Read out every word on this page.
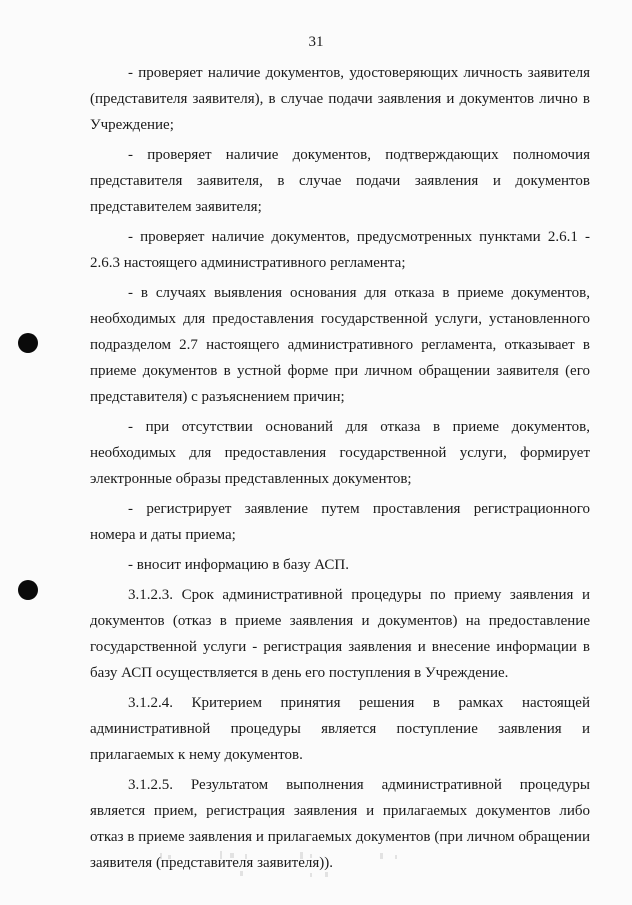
31

- проверяет наличие документов, удостоверяющих личность заявителя (представителя заявителя), в случае подачи заявления и документов лично в Учреждение;

- проверяет наличие документов, подтверждающих полномочия представителя заявителя, в случае подачи заявления и документов представителем заявителя;

- проверяет наличие документов, предусмотренных пунктами 2.6.1 - 2.6.3 настоящего административного регламента;

- в случаях выявления основания для отказа в приеме документов, необходимых для предоставления государственной услуги, установленного подразделом 2.7 настоящего административного регламента, отказывает в приеме документов в устной форме при личном обращении заявителя (его представителя) с разъяснением причин;

- при отсутствии оснований для отказа в приеме документов, необходимых для предоставления государственной услуги, формирует электронные образы представленных документов;

- регистрирует заявление путем проставления регистрационного номера и даты приема;

- вносит информацию в базу АСП.

3.1.2.3. Срок административной процедуры по приему заявления и документов (отказ в приеме заявления и документов) на предоставление государственной услуги - регистрация заявления и внесение информации в базу АСП осуществляется в день его поступления в Учреждение.

3.1.2.4. Критерием принятия решения в рамках настоящей административной процедуры является поступление заявления и прилагаемых к нему документов.

3.1.2.5. Результатом выполнения административной процедуры является прием, регистрация заявления и прилагаемых документов либо отказ в приеме заявления и прилагаемых документов (при личном обращении заявителя (представителя заявителя)).
